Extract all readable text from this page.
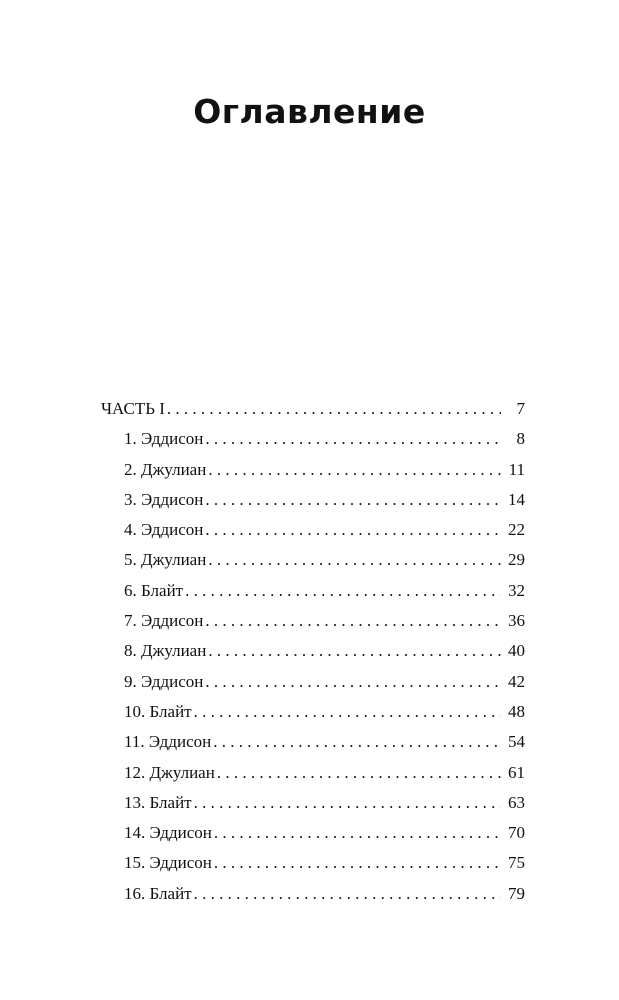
Оглавление
ЧАСТЬ I . . .	7
1. Эддисон . . .	8
2. Джулиан . . .	11
3. Эддисон . . .	14
4. Эддисон . . .	22
5. Джулиан . . .	29
6. Блайт . . .	32
7. Эддисон . . .	36
8. Джулиан . . .	40
9. Эддисон . . .	42
10. Блайт . . .	48
11. Эддисон . . .	54
12. Джулиан . . .	61
13. Блайт . . .	63
14. Эддисон . . .	70
15. Эддисон . . .	75
16. Блайт . . .	79
